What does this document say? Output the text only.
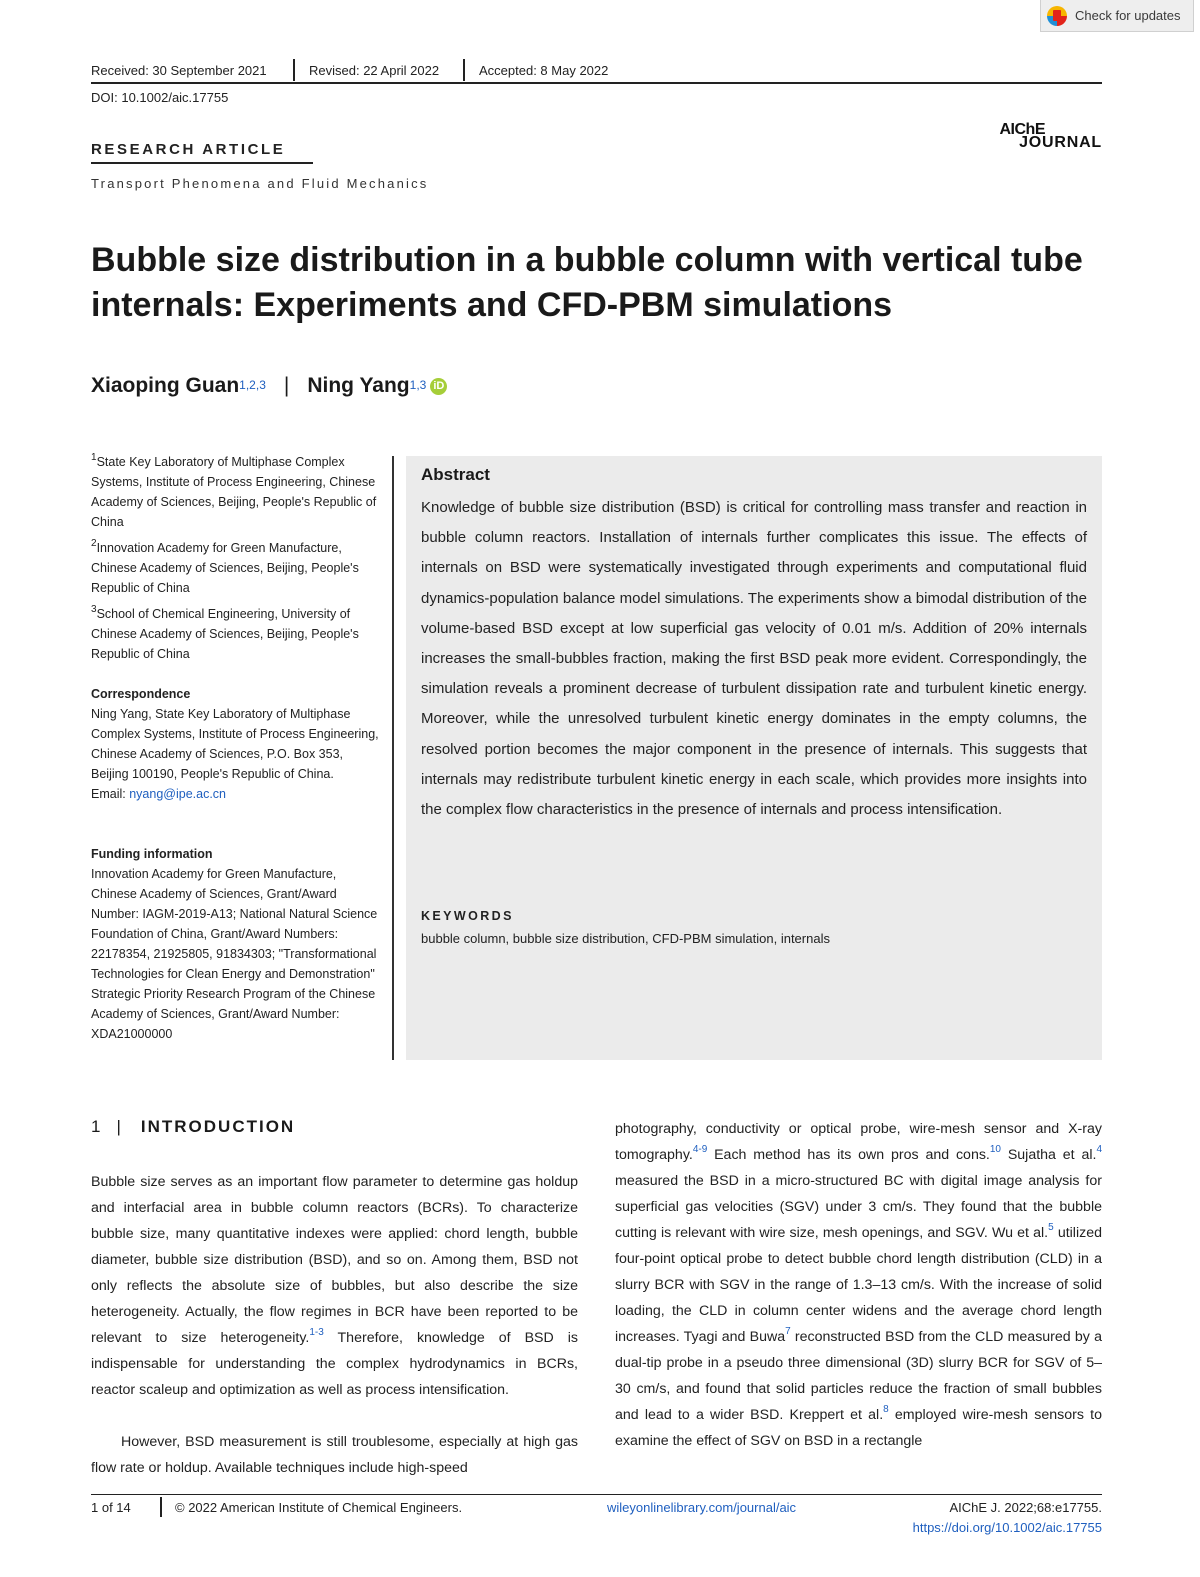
Check for updates
Received: 30 September 2021	Revised: 22 April 2022	Accepted: 8 May 2022
DOI: 10.1002/aic.17755
RESEARCH ARTICLE
Transport Phenomena and Fluid Mechanics
AIChE
JOURNAL
Bubble size distribution in a bubble column with vertical tube internals: Experiments and CFD-PBM simulations
Xiaoping Guan$^{1,2,3}$ | Ning Yang$^{1,3}$ iD
$^1$State Key Laboratory of Multiphase Complex Systems, Institute of Process Engineering, Chinese Academy of Sciences, Beijing, People's Republic of China
$^2$Innovation Academy for Green Manufacture, Chinese Academy of Sciences, Beijing, People's Republic of China
$^3$School of Chemical Engineering, University of Chinese Academy of Sciences, Beijing, People's Republic of China
Correspondence
Ning Yang, State Key Laboratory of Multiphase Complex Systems, Institute of Process Engineering, Chinese Academy of Sciences, P.O. Box 353, Beijing 100190, People's Republic of China.
Email: nyang@ipe.ac.cn
Funding information
Innovation Academy for Green Manufacture, Chinese Academy of Sciences, Grant/Award Number: IAGM-2019-A13; National Natural Science Foundation of China, Grant/Award Numbers: 22178354, 21925805, 91834303; "Transformational Technologies for Clean Energy and Demonstration" Strategic Priority Research Program of the Chinese Academy of Sciences, Grant/Award Number: XDA21000000
Abstract
Knowledge of bubble size distribution (BSD) is critical for controlling mass transfer and reaction in bubble column reactors. Installation of internals further complicates this issue. The effects of internals on BSD were systematically investigated through experiments and computational fluid dynamics-population balance model simulations. The experiments show a bimodal distribution of the volume-based BSD except at low superficial gas velocity of 0.01 m/s. Addition of 20% internals increases the small-bubbles fraction, making the first BSD peak more evident. Correspondingly, the simulation reveals a prominent decrease of turbulent dissipation rate and turbulent kinetic energy. Moreover, while the unresolved turbulent kinetic energy dominates in the empty columns, the resolved portion becomes the major component in the presence of internals. This suggests that internals may redistribute turbulent kinetic energy in each scale, which provides more insights into the complex flow characteristics in the presence of internals and process intensification.
KEYWORDS
bubble column, bubble size distribution, CFD-PBM simulation, internals
1 | INTRODUCTION
Bubble size serves as an important flow parameter to determine gas holdup and interfacial area in bubble column reactors (BCRs). To characterize bubble size, many quantitative indexes were applied: chord length, bubble diameter, bubble size distribution (BSD), and so on. Among them, BSD not only reflects the absolute size of bubbles, but also describe the size heterogeneity. Actually, the flow regimes in BCR have been reported to be relevant to size heterogeneity.$^{1-3}$ Therefore, knowledge of BSD is indispensable for understanding the complex hydrodynamics in BCRs, reactor scaleup and optimization as well as process intensification.
However, BSD measurement is still troublesome, especially at high gas flow rate or holdup. Available techniques include high-speed
photography, conductivity or optical probe, wire-mesh sensor and X-ray tomography.$^{4-9}$ Each method has its own pros and cons.$^{10}$ Sujatha et al.$^4$ measured the BSD in a micro-structured BC with digital image analysis for superficial gas velocities (SGV) under 3 cm/s. They found that the bubble cutting is relevant with wire size, mesh openings, and SGV. Wu et al.$^5$ utilized four-point optical probe to detect bubble chord length distribution (CLD) in a slurry BCR with SGV in the range of 1.3–13 cm/s. With the increase of solid loading, the CLD in column center widens and the average chord length increases. Tyagi and Buwa$^7$ reconstructed BSD from the CLD measured by a dual-tip probe in a pseudo three dimensional (3D) slurry BCR for SGV of 5–30 cm/s, and found that solid particles reduce the fraction of small bubbles and lead to a wider BSD. Kreppert et al.$^8$ employed wire-mesh sensors to examine the effect of SGV on BSD in a rectangle
1 of 14	© 2022 American Institute of Chemical Engineers.	wileyonlinelibrary.com/journal/aic	AIChE J. 2022;68:e17755.
https://doi.org/10.1002/aic.17755
